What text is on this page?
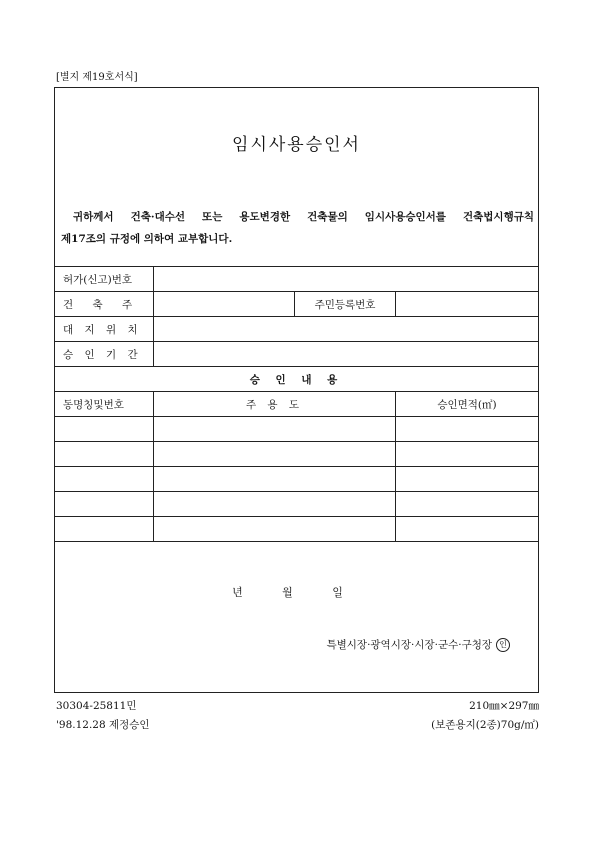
[별지 제19호서식]
임시사용승인서
귀하께서 건축·대수선 또는 용도변경한 건축물의 임시사용승인서를 건축법시행규칙
제17조의 규정에 의하여 교부합니다.
허가(신고)번호			
건 축 주		주민등록번호	
대 지 위 치			
승 인 기 간			
승 인 내 용			
동명칭및번호	주 용 도		승인면적(㎡)

년 월 일
특별시장·광역시장·시장·군수·구청장 인
30304-25811민
'98.12.28 제정승인
210㎜×297㎜
(보존용지(2종)70g/㎡)
